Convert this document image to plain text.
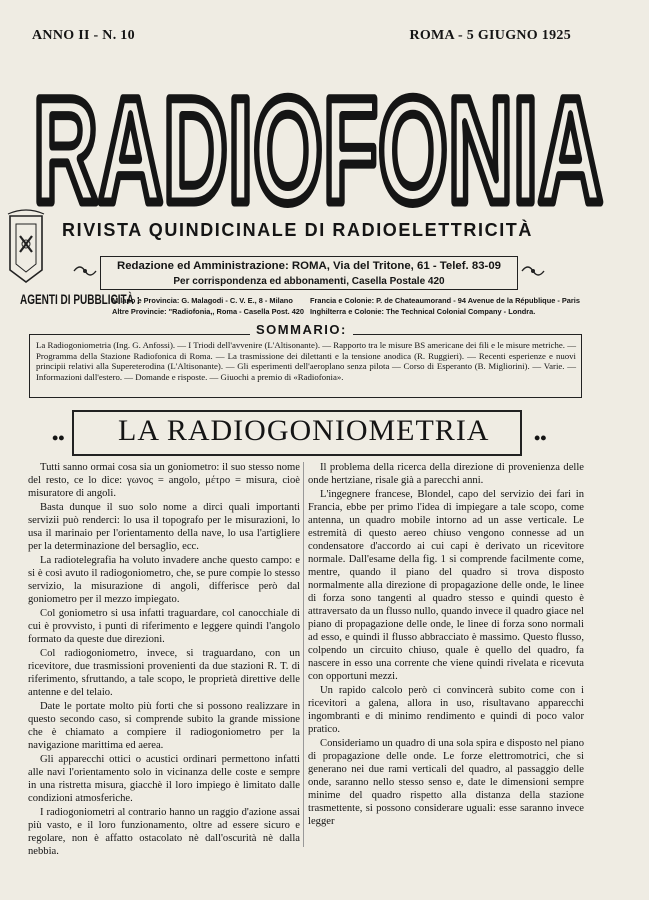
ANNO II - N. 10	ROMA - 5 GIUGNO 1925
RADIOFONIA
RIVISTA QUINDICINALE DI RADIOELETTRICITÀ
Redazione ed Amministrazione: ROMA, Via del Tritone, 61 - Telef. 83-09
Per corrispondenza ed abbonamenti, Casella Postale 420
AGENTI DI PUBBLICITÀ :
Milano e Provincia: G. Malagodi - C. V. E., 8 - Milano
Altre Provincie: "Radiofonia,, Roma - Casella Post. 420
Francia e Colonie: P. de Chateaumorand - 94 Avenue de la République - Paris
Inghilterra e Colonie: The Technical Colonial Company - Londra.
SOMMARIO:
La Radiogoniometria (Ing. G. Anfossi). — I Triodi dell'avvenire (L'Altisonante). — Rapporto tra le misure BS americane dei fili e le misure metriche. — Programma della Stazione Radiofonica di Roma. — La trasmissione dei dilettanti e la tensione anodica (R. Ruggieri). — Recenti esperienze e nuovi principii relativi alla Supereterodina (L'Altisonante). — Gli esperimenti dell'aeroplano senza pilota — Corso di Esperanto (B. Migliorini). — Varie. — Informazioni dall'estero. — Domande e risposte. — Giuochi a premio di «Radiofonia».
•• LA RADIOGONIOMETRIA ••

Tutti sanno ormai cosa sia un goniometro: il suo stesso nome del resto, ce lo dice: γωνος = angolo, μέτρο = misura, cioè misuratore di angoli.

Basta dunque il suo solo nome a dirci quali importanti servizii può renderci: lo usa il topografo per le misurazioni, lo usa il marinaio per l'orientamento della nave, lo usa l'artigliere per la determinazione del bersaglio, ecc.

La radiotelegrafia ha voluto invadere anche questo campo: e si è così avuto il radiogoniometro, che, se pure compie lo stesso servizio, la misurazione di angoli, differisce però dal goniometro per il mezzo impiegato.

Col goniometro si usa infatti traguardare, col canocchiale di cui è provvisto, i punti di riferimento e leggere quindi l'angolo formato da queste due direzioni.

Col radiogoniometro, invece, si traguardano, con un ricevitore, due trasmissioni provenienti da due stazioni R. T. di riferimento, sfruttando, a tale scopo, le proprietà direttive delle antenne e del telaio.

Date le portate molto più forti che si possono realizzare in questo secondo caso, si comprende subito la grande missione che è chiamato a compiere il radiogoniometro per la navigazione marittima ed aerea.

Gli apparecchi ottici o acustici ordinari permettono infatti alle navi l'orientamento solo in vicinanza delle coste e sempre in una ristretta misura, giacchè il loro impiego è limitato dalle condizioni atmosferiche.

I radiogoniometri al contrario hanno un raggio d'azione assai più vasto, e il loro funzionamento, oltre ad essere sicuro e regolare, non è affatto ostacolato nè dall'oscurità nè dalla nebbia.

Il problema della ricerca della direzione di provenienza delle onde hertziane, risale già a parecchi anni.

L'ingegnere francese, Blondel, capo del servizio dei fari in Francia, ebbe per primo l'idea di impiegare a tale scopo, come antenna, un quadro mobile intorno ad un asse verticale. Le estremità di questo aereo chiuso vengono connesse ad un condensatore d'accordo ai cui capi è derivato un ricevitore normale. Dall'esame della fig. 1 si comprende facilmente come, mentre, quando il piano del quadro si trova disposto normalmente alla direzione di propagazione delle onde, le linee di forza sono tangenti al quadro stesso e quindi questo è attraversato da un flusso nullo, quando invece il quadro giace nel piano di propagazione delle onde, le linee di forza sono normali ad esso, e quindi il flusso abbracciato è massimo. Questo flusso, colpendo un circuito chiuso, quale è quello del quadro, fa nascere in esso una corrente che viene quindi rivelata e ricevuta con opportuni mezzi.

Un rapido calcolo però ci convincerà subito come con i ricevitori a galena, allora in uso, risultavano apparecchi ingombranti e di minimo rendimento e quindi di poco valor pratico.

Consideriamo un quadro di una sola spira e disposto nel piano di propagazione delle onde. Le forze elettromotrici, che si generano nei due rami verticali del quadro, al passaggio delle onde, saranno nello stesso senso e, date le dimensioni sempre minime del quadro rispetto alla distanza della stazione trasmettente, si possono considerare uguali: esse saranno invece legger
